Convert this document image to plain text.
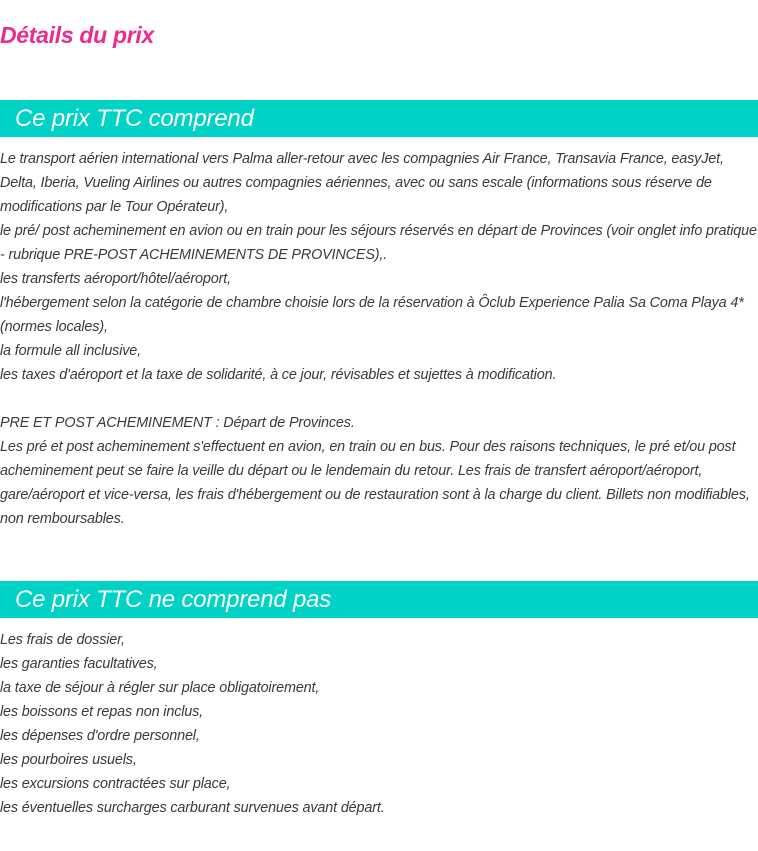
Détails du prix
Ce prix TTC comprend
Le transport aérien international vers Palma aller-retour avec les compagnies Air France, Transavia France, easyJet, Delta, Iberia, Vueling Airlines ou autres compagnies aériennes, avec ou sans escale (informations sous réserve de modifications par le Tour Opérateur),
le pré/ post acheminement en avion ou en train pour les séjours réservés en départ de Provinces (voir onglet info pratique - rubrique PRE-POST ACHEMINEMENTS DE PROVINCES),.
les transferts aéroport/hôtel/aéroport,
l'hébergement selon la catégorie de chambre choisie lors de la réservation à Ôclub Experience Palia Sa Coma Playa 4* (normes locales),
la formule all inclusive,
les taxes d'aéroport et la taxe de solidarité, à ce jour, révisables et sujettes à modification.
PRE ET POST ACHEMINEMENT : Départ de Provinces.
Les pré et post acheminement s'effectuent en avion, en train ou en bus. Pour des raisons techniques, le pré et/ou post acheminement peut se faire la veille du départ ou le lendemain du retour. Les frais de transfert aéroport/aéroport, gare/aéroport et vice-versa, les frais d'hébergement ou de restauration sont à la charge du client. Billets non modifiables, non remboursables.
Ce prix TTC ne comprend pas
Les frais de dossier,
les garanties facultatives,
la taxe de séjour à régler sur place obligatoirement,
les boissons et repas non inclus,
les dépenses d'ordre personnel,
les pourboires usuels,
les excursions contractées sur place,
les éventuelles surcharges carburant survenues avant départ.
